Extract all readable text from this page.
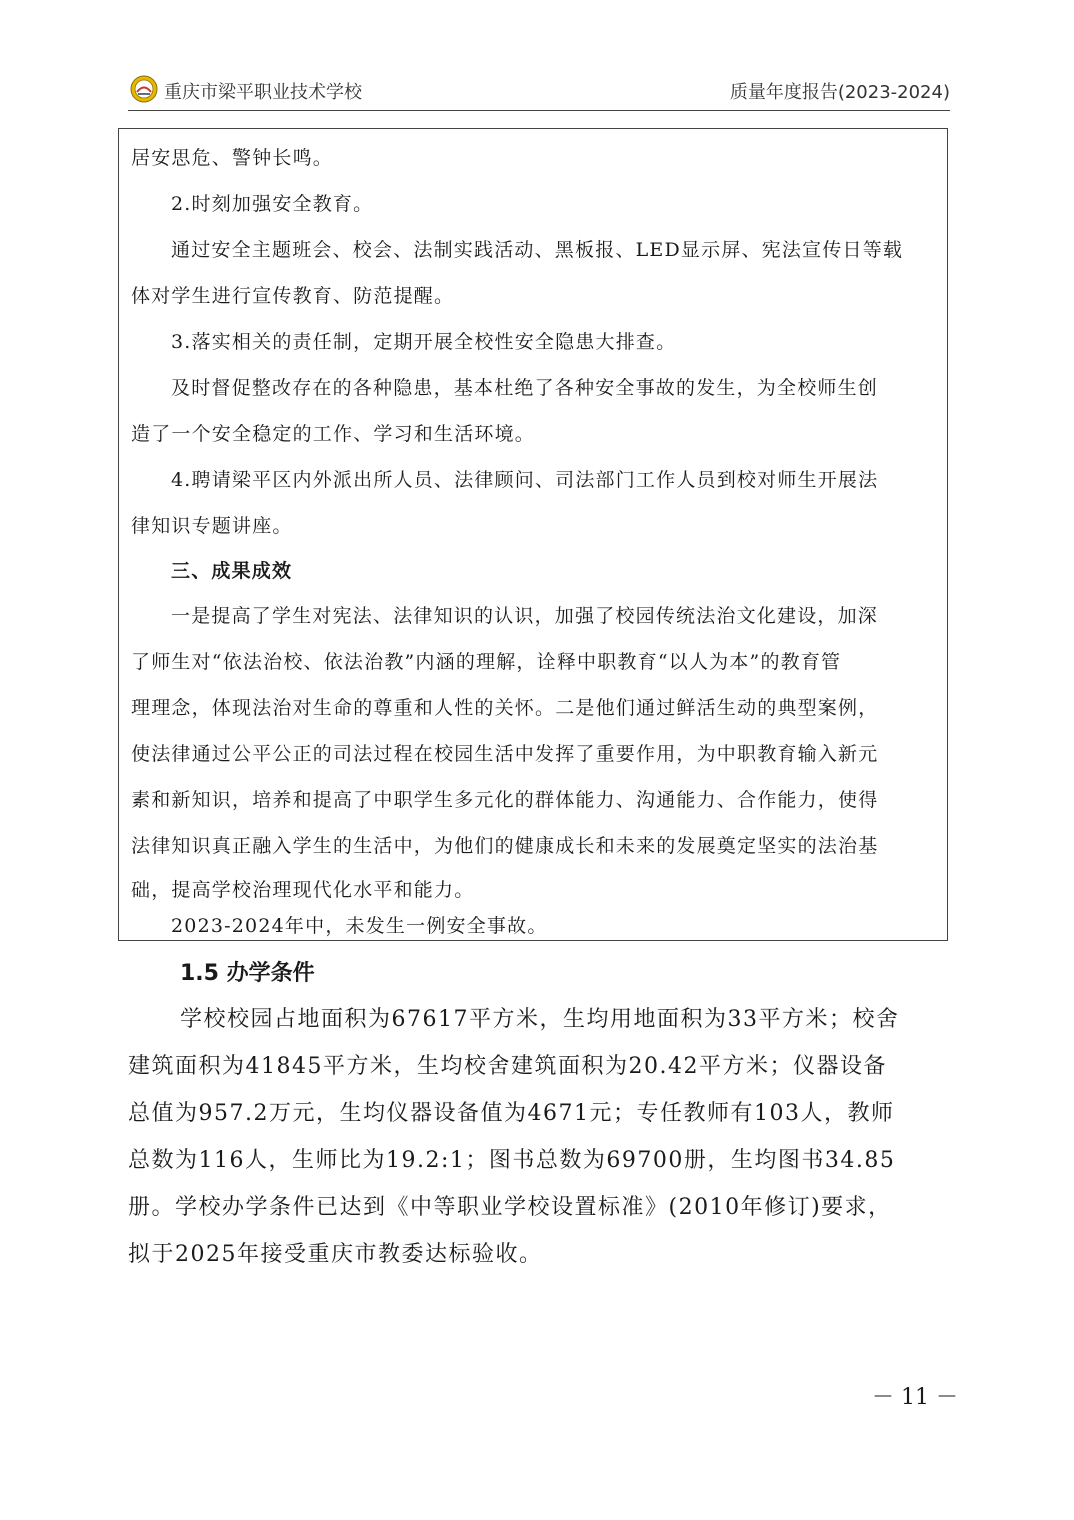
重庆市梁平职业技术学校	质量年度报告(2023-2024)
居安思危、警钟长鸣。
2.时刻加强安全教育。
通过安全主题班会、校会、法制实践活动、黑板报、LED显示屏、宪法宣传日等载
体对学生进行宣传教育、防范提醒。
3.落实相关的责任制，定期开展全校性安全隐患大排查。
及时督促整改存在的各种隐患，基本杜绝了各种安全事故的发生，为全校师生创
造了一个安全稳定的工作、学习和生活环境。
4.聘请梁平区内外派出所人员、法律顾问、司法部门工作人员到校对师生开展法
律知识专题讲座。
三、成果成效
一是提高了学生对宪法、法律知识的认识，加强了校园传统法治文化建设，加深
了师生对“依法治校、依法治教”内涵的理解，诠释中职教育“以人为本”的教育管
理理念，体现法治对生命的尊重和人性的关怀。二是他们通过鲜活生动的典型案例，
使法律通过公平公正的司法过程在校园生活中发挥了重要作用，为中职教育输入新元
素和新知识，培养和提高了中职学生多元化的群体能力、沟通能力、合作能力，使得
法律知识真正融入学生的生活中，为他们的健康成长和未来的发展奠定坚实的法治基
础，提高学校治理现代化水平和能力。
2023-2024年中，未发生一例安全事故。
1.5 办学条件
学校校园占地面积为67617平方米，生均用地面积为33平方米；校舍
建筑面积为41845平方米，生均校舍建筑面积为20.42平方米；仪器设备
总值为957.2万元，生均仪器设备值为4671元；专任教师有103人，教师
总数为116人，生师比为19.2:1；图书总数为69700册，生均图书34.85
册。学校办学条件已达到《中等职业学校设置标准》(2010年修订)要求，
拟于2025年接受重庆市教委达标验收。
－ 11 －
